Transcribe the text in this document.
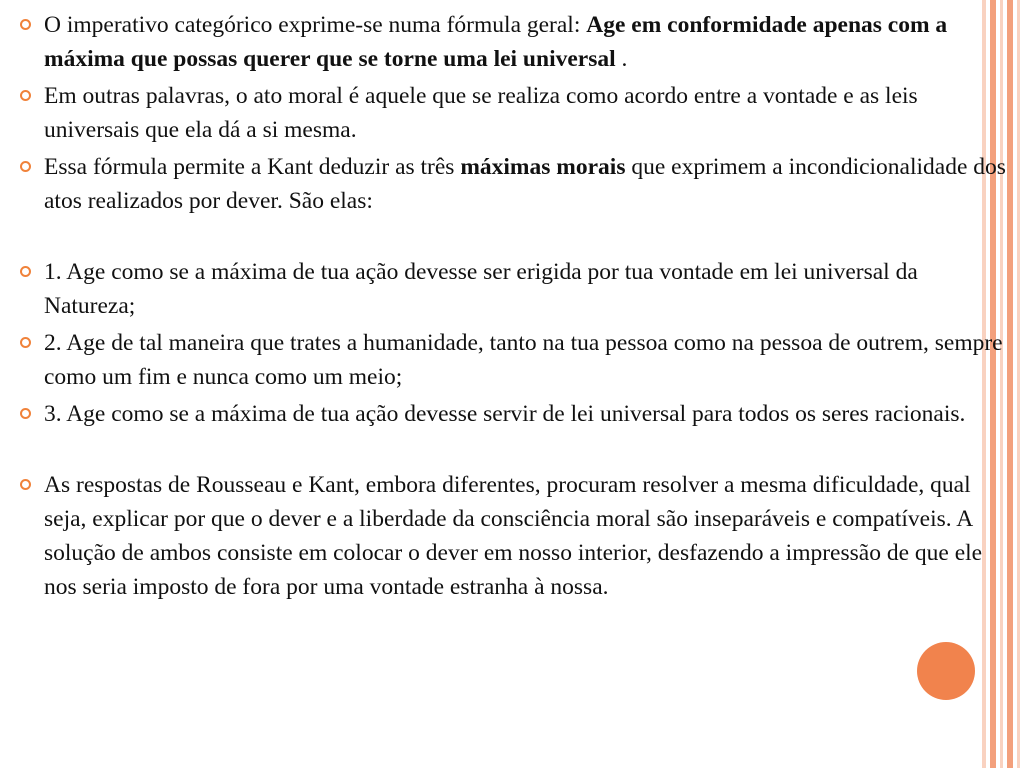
O imperativo categórico exprime-se numa fórmula geral: Age em conformidade apenas com a máxima que possas querer que se torne uma lei universal .

Em outras palavras, o ato moral é aquele que se realiza como acordo entre a vontade e as leis universais que ela dá a si mesma.

Essa fórmula permite a Kant deduzir as três máximas morais que exprimem a incondicionalidade dos atos realizados por dever. São elas:

1. Age como se a máxima de tua ação devesse ser erigida por tua vontade em lei universal da Natureza;

2. Age de tal maneira que trates a humanidade, tanto na tua pessoa como na pessoa de outrem, sempre como um fim e nunca como um meio;

3. Age como se a máxima de tua ação devesse servir de lei universal para todos os seres racionais.

As respostas de Rousseau e Kant, embora diferentes, procuram resolver a mesma dificuldade, qual seja, explicar por que o dever e a liberdade da consciência moral são inseparáveis e compatíveis. A solução de ambos consiste em colocar o dever em nosso interior, desfazendo a impressão de que ele nos seria imposto de fora por uma vontade estranha à nossa.
